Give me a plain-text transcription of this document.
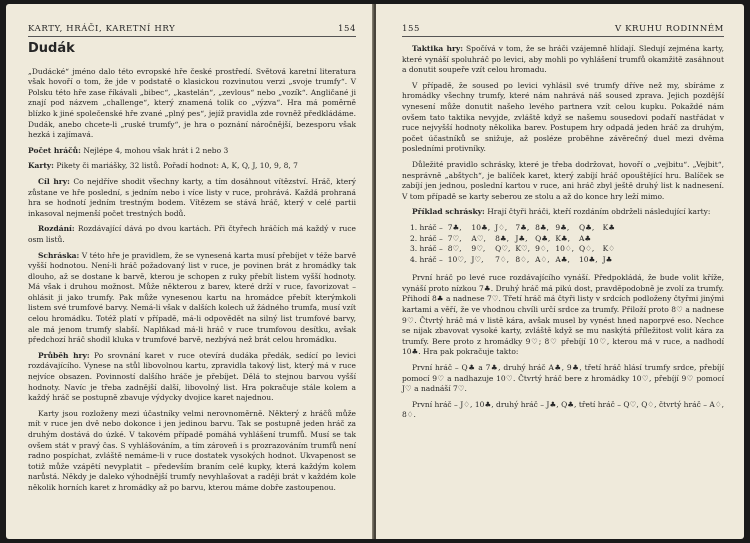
KARTY, HRÁČI, KARETNÍ HRY	154
Dudák

„Dudácké“ jméno dalo této evropské hře české prostředí. Světová karetní literatura však hovoří o tom, že jde v podstatě o klasickou rozvinutou verzi „svoje trumfy“. V Polsku této hře zase říkávali „bibec“, „kastelán“, „zevlous“ nebo „vozík“. Angličané ji znají pod názvem „challenge“, který znamená tolik co „výzva“. Hra má poměrně blízko k jiné společenské hře zvané „plný pes“, jejíž pravidla zde rovněž předkládáme. Dudák, anebo chcete-li „ruské trumfy“, je hra o poznání náročnější, bezesporu však hezká i zajímavá.

Počet hráčů: Nejlépe 4, mohou však hrát i 2 nebo 3

Karty: Pikety či mariášky, 32 listů. Pořadí hodnot: A, K, Q, J, 10, 9, 8, 7

Cíl hry: Co nejdříve shodit všechny karty, a tím dosáhnout vítězství. Hráč, který zůstane ve hře poslední, s jedním nebo i více listy v ruce, prohrává. Každá prohraná hra se hodnotí jedním trestným bodem. Vítězem se stává hráč, který v celé partii inkasoval nejmenší počet trestných bodů.

Rozdání: Rozdávající dává po dvou kartách. Při čtyřech hráčích má každý v ruce osm listů.

Schráska: V této hře je pravidlem, že se vynesená karta musí přebíjet v téže barvě vyšší hodnotou. Není-li hráč požadovaný list v ruce, je povinen brát z hromádky tak dlouho, až se dostane k barvě, kterou je schopen z ruky přebít listem vyšší hodnoty. Má však i druhou možnost. Může některou z barev, které drží v ruce, favorizovat – ohlásit ji jako trumfy. Pak může vynesenou kartu na hromádce přebít kterýmkoli listem své trumfové barvy. Nemá-li však v dalších kolech už žádného trumfa, musí vzít celou hromádku. Totéž platí v případě, má-li odpovědět na silný list trumfové barvy, ale má jenom trumfy slabší. Naplňkad má-li hráč v ruce trumfovou desítku, avšak předchozí hráč shodil kluka v trumfové barvě, nezbývá než brát celou hromádku.

Průběh hry: Po srovnání karet v ruce otevírá dudáka předák, sedící po levici rozdávajícího. Vynese na stůl libovolnou kartu, zpravidla takový list, který má v ruce nejvíce obsazen. Povinností dalšího hráče je přebíjet. Dělá to stejnou barvou vyšší hodnoty. Navíc je třeba zadnější další, libovolný list. Hra pokračuje stále kolem a každý hráč se postupně zbavuje výdycky dvojice karet najednou.

Karty jsou rozloženy mezi účastníky velmi nerovnoměrně. Některý z hráčů může mít v ruce jen dvě nebo dokonce i jen jedinou barvu. Tak se postupně jeden hráč za druhým dostává do úzké. V takovém případě pomáhá vyhlášení trumfů. Musí se tak ovšem stát v pravý čas. S vyhlášováním, a tím zároveň i s prozrazováním trumfů není radno pospíchat, zvláště nemáme-li v ruce dostatek vysokých hodnot. Ukvapenost se totiž může vzápětí nevyplatit – především braním celé kupky, která každým kolem narůstá. Někdy je daleko výhodnější trumfy nevyhlašovat a raději brát v každém kole několik horních karet z hromádky až po barvu, kterou máme dobře zastoupenou.

155	V KRUHU RODINNÉM

Taktika hry: Spočívá v tom, že se hráči vzájemně hlídají. Sledují zejména karty, které vynáší spoluhráč po levici, aby mohli po vyhlášení trumfů okamžitě zasáhnout a donutit soupeře vzít celou hromadu.

V případě, že soused po levici vyhlásil své trumfy dříve než my, sbíráme z hromádky všechny trumfy, které nám nahrává náš soused zprava. Jejich pozdější vynesení může donutit našeho levého partnera vzít celou kupku. Pokaždé nám ovšem tato taktika nevyjde, zvláště když se našemu sousedovi podaří nastřádat v ruce nejvyšší hodnoty několika barev. Postupem hry odpadá jeden hráč za druhým, počet účastníků se snižuje, až posléze proběhne závěrečný duel mezi dvěma posledními protivníky.

Důležité pravidlo schrásky, které je třeba dodržovat, hovoří o „vejbitu“. „Vejbit“, nesprávně „abštych“, je balíček karet, který zabíjí hráč opouštějící hru. Balíček se zabíjí jen jednou, poslední kartou v ruce, ani hráč zbyl ještě druhý list k nadnesení. V tom případě se karty seberou ze stolu a až do konce hry leží mimo.

Příklad schrásky: Hrají čtyři hráči, kteří rozdáním obdrželi následující karty:

1. hráč –	7♣,	10♣,	J♢,	7♣,	8♣,	9♣,	Q♣,	K♣
2. hráč –	7♡,	A♡,	8♣,	J♣,	Q♣,	K♣,	A♣	
3. hráč –	8♡,	9♡,	Q♡,	K♡,	9♢,	10♢,	Q♢,	K♢
4. hráč –	10♡,	J♡,	7♢,	8♢,	A♢,	A♣,	10♣,	J♣

První hráč po levé ruce rozdávajícího vynáší. Předpokládá, že bude volit kříže, vynáší proto nízkou 7♣. Druhý hráč má pikú dost, pravděpodobně je zvolí za trumfy. Přihodí 8♣ a nadnese 7♡. Třetí hráč má čtyři listy v srdcích podloženy čtyřmi jinými kartami a věří, že ve vhodnou chvíli určí srdce za trumfy. Přiloží proto 8♡ a nadnese 9♡. Čtvrtý hráč má v listě kára, avšak musel by vynést hned naporpvé eso. Nechce se nijak zbavovat vysoké karty, zvláště když se mu naskýtá příležitost volit kára za trumfy. Bere proto z hromádky 9♡; 8♡ přebíjí 10♡, kterou má v ruce, a nadhodí 10♣. Hra pak pokračuje takto:

První hráč – Q♣ a 7♣, druhý hráč A♣, 9♣, třetí hráč hlásí trumfy srdce, přebíjí pomocí 9♡ a nadhazuje 10♡. Čtvrtý hráč bere z hromádky 10♡, přebíjí 9♡ pomocí J♡ a nadnáší 7♡.

První hráč – J♢, 10♣, druhý hráč – J♣, Q♣, třetí hráč – Q♡, Q♢, čtvrtý hráč – A♢, 8♢.
